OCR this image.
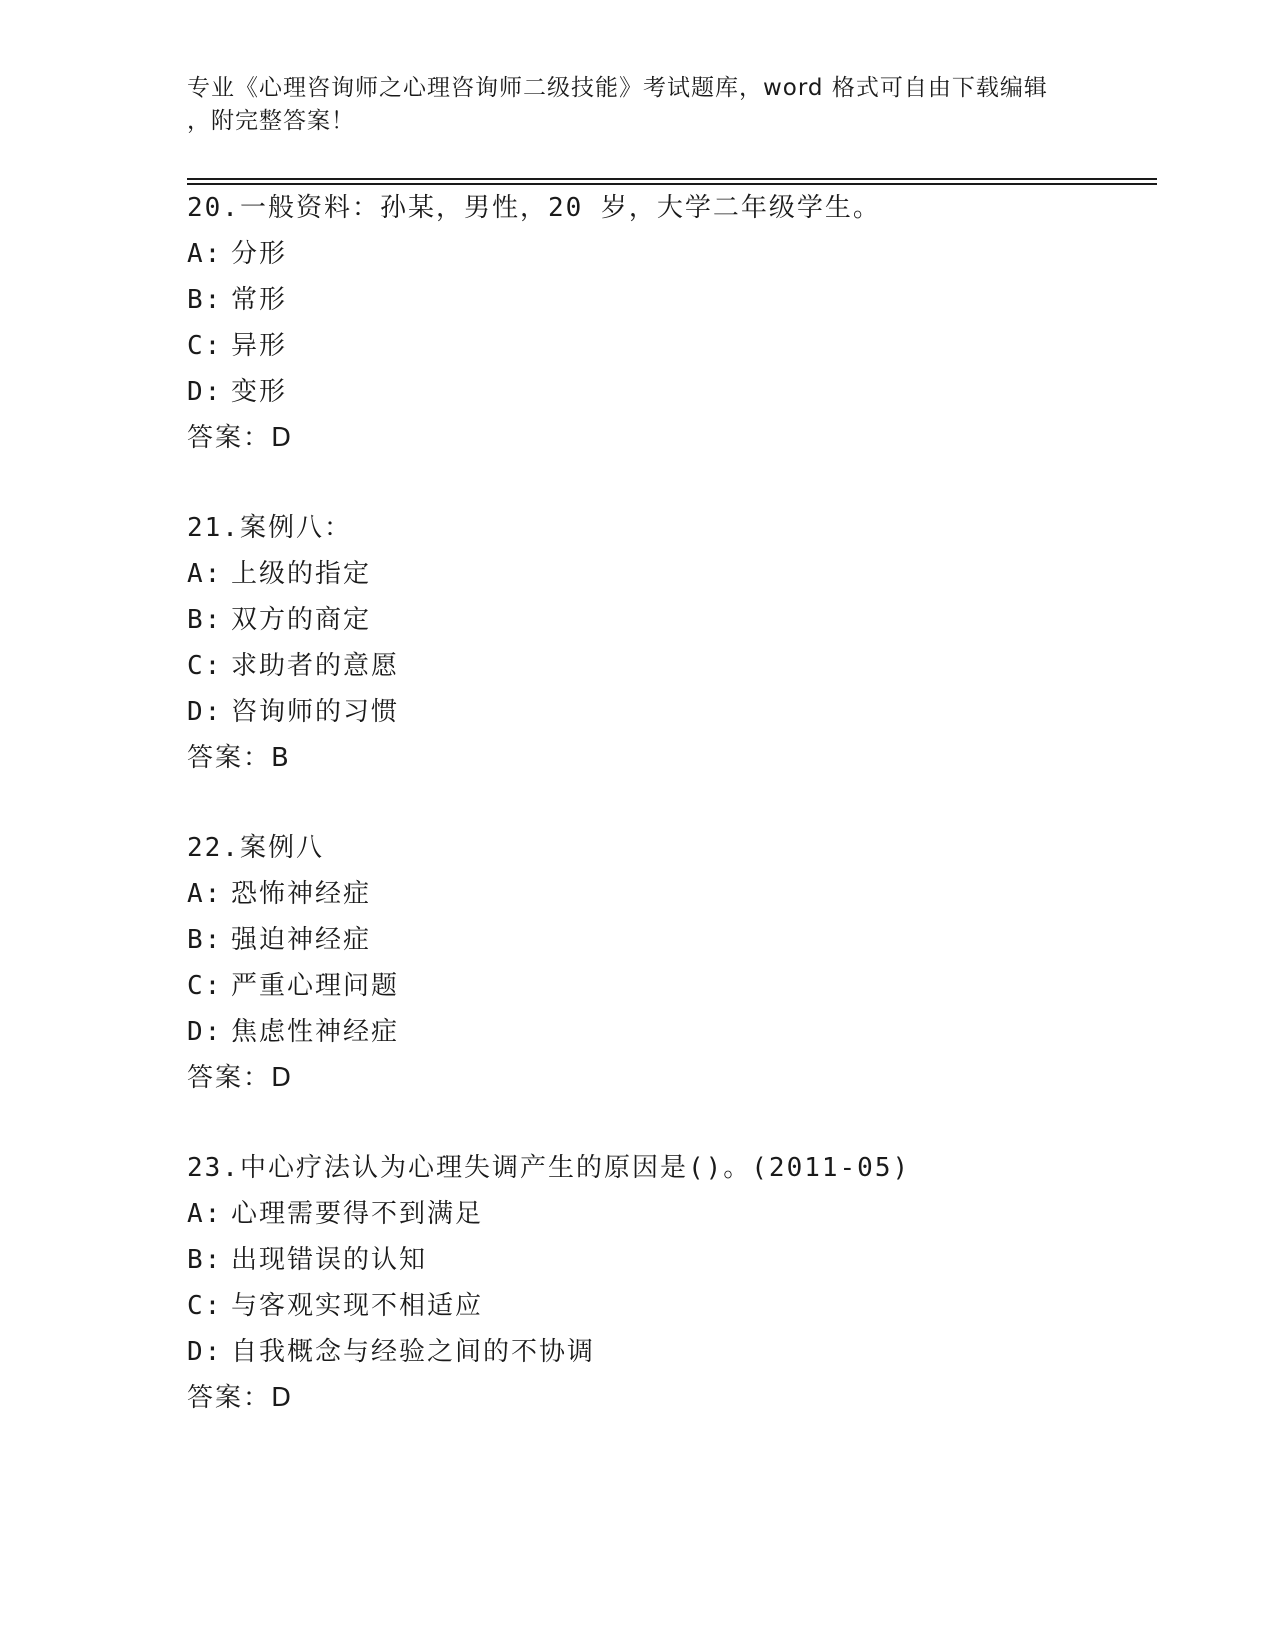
专业《心理咨询师之心理咨询师二级技能》考试题库，word 格式可自由下载编辑
，附完整答案！
20.一般资料：孙某，男性，20 岁，大学二年级学生。
A: 分形
B: 常形
C: 异形
D: 变形
答案：D
21.案例八：
A: 上级的指定
B: 双方的商定
C: 求助者的意愿
D: 咨询师的习惯
答案：B
22.案例八
A: 恐怖神经症
B: 强迫神经症
C: 严重心理问题
D: 焦虑性神经症
答案：D
23.中心疗法认为心理失调产生的原因是()。(2011-05)
A: 心理需要得不到满足
B: 出现错误的认知
C: 与客观实现不相适应
D: 自我概念与经验之间的不协调
答案：D
